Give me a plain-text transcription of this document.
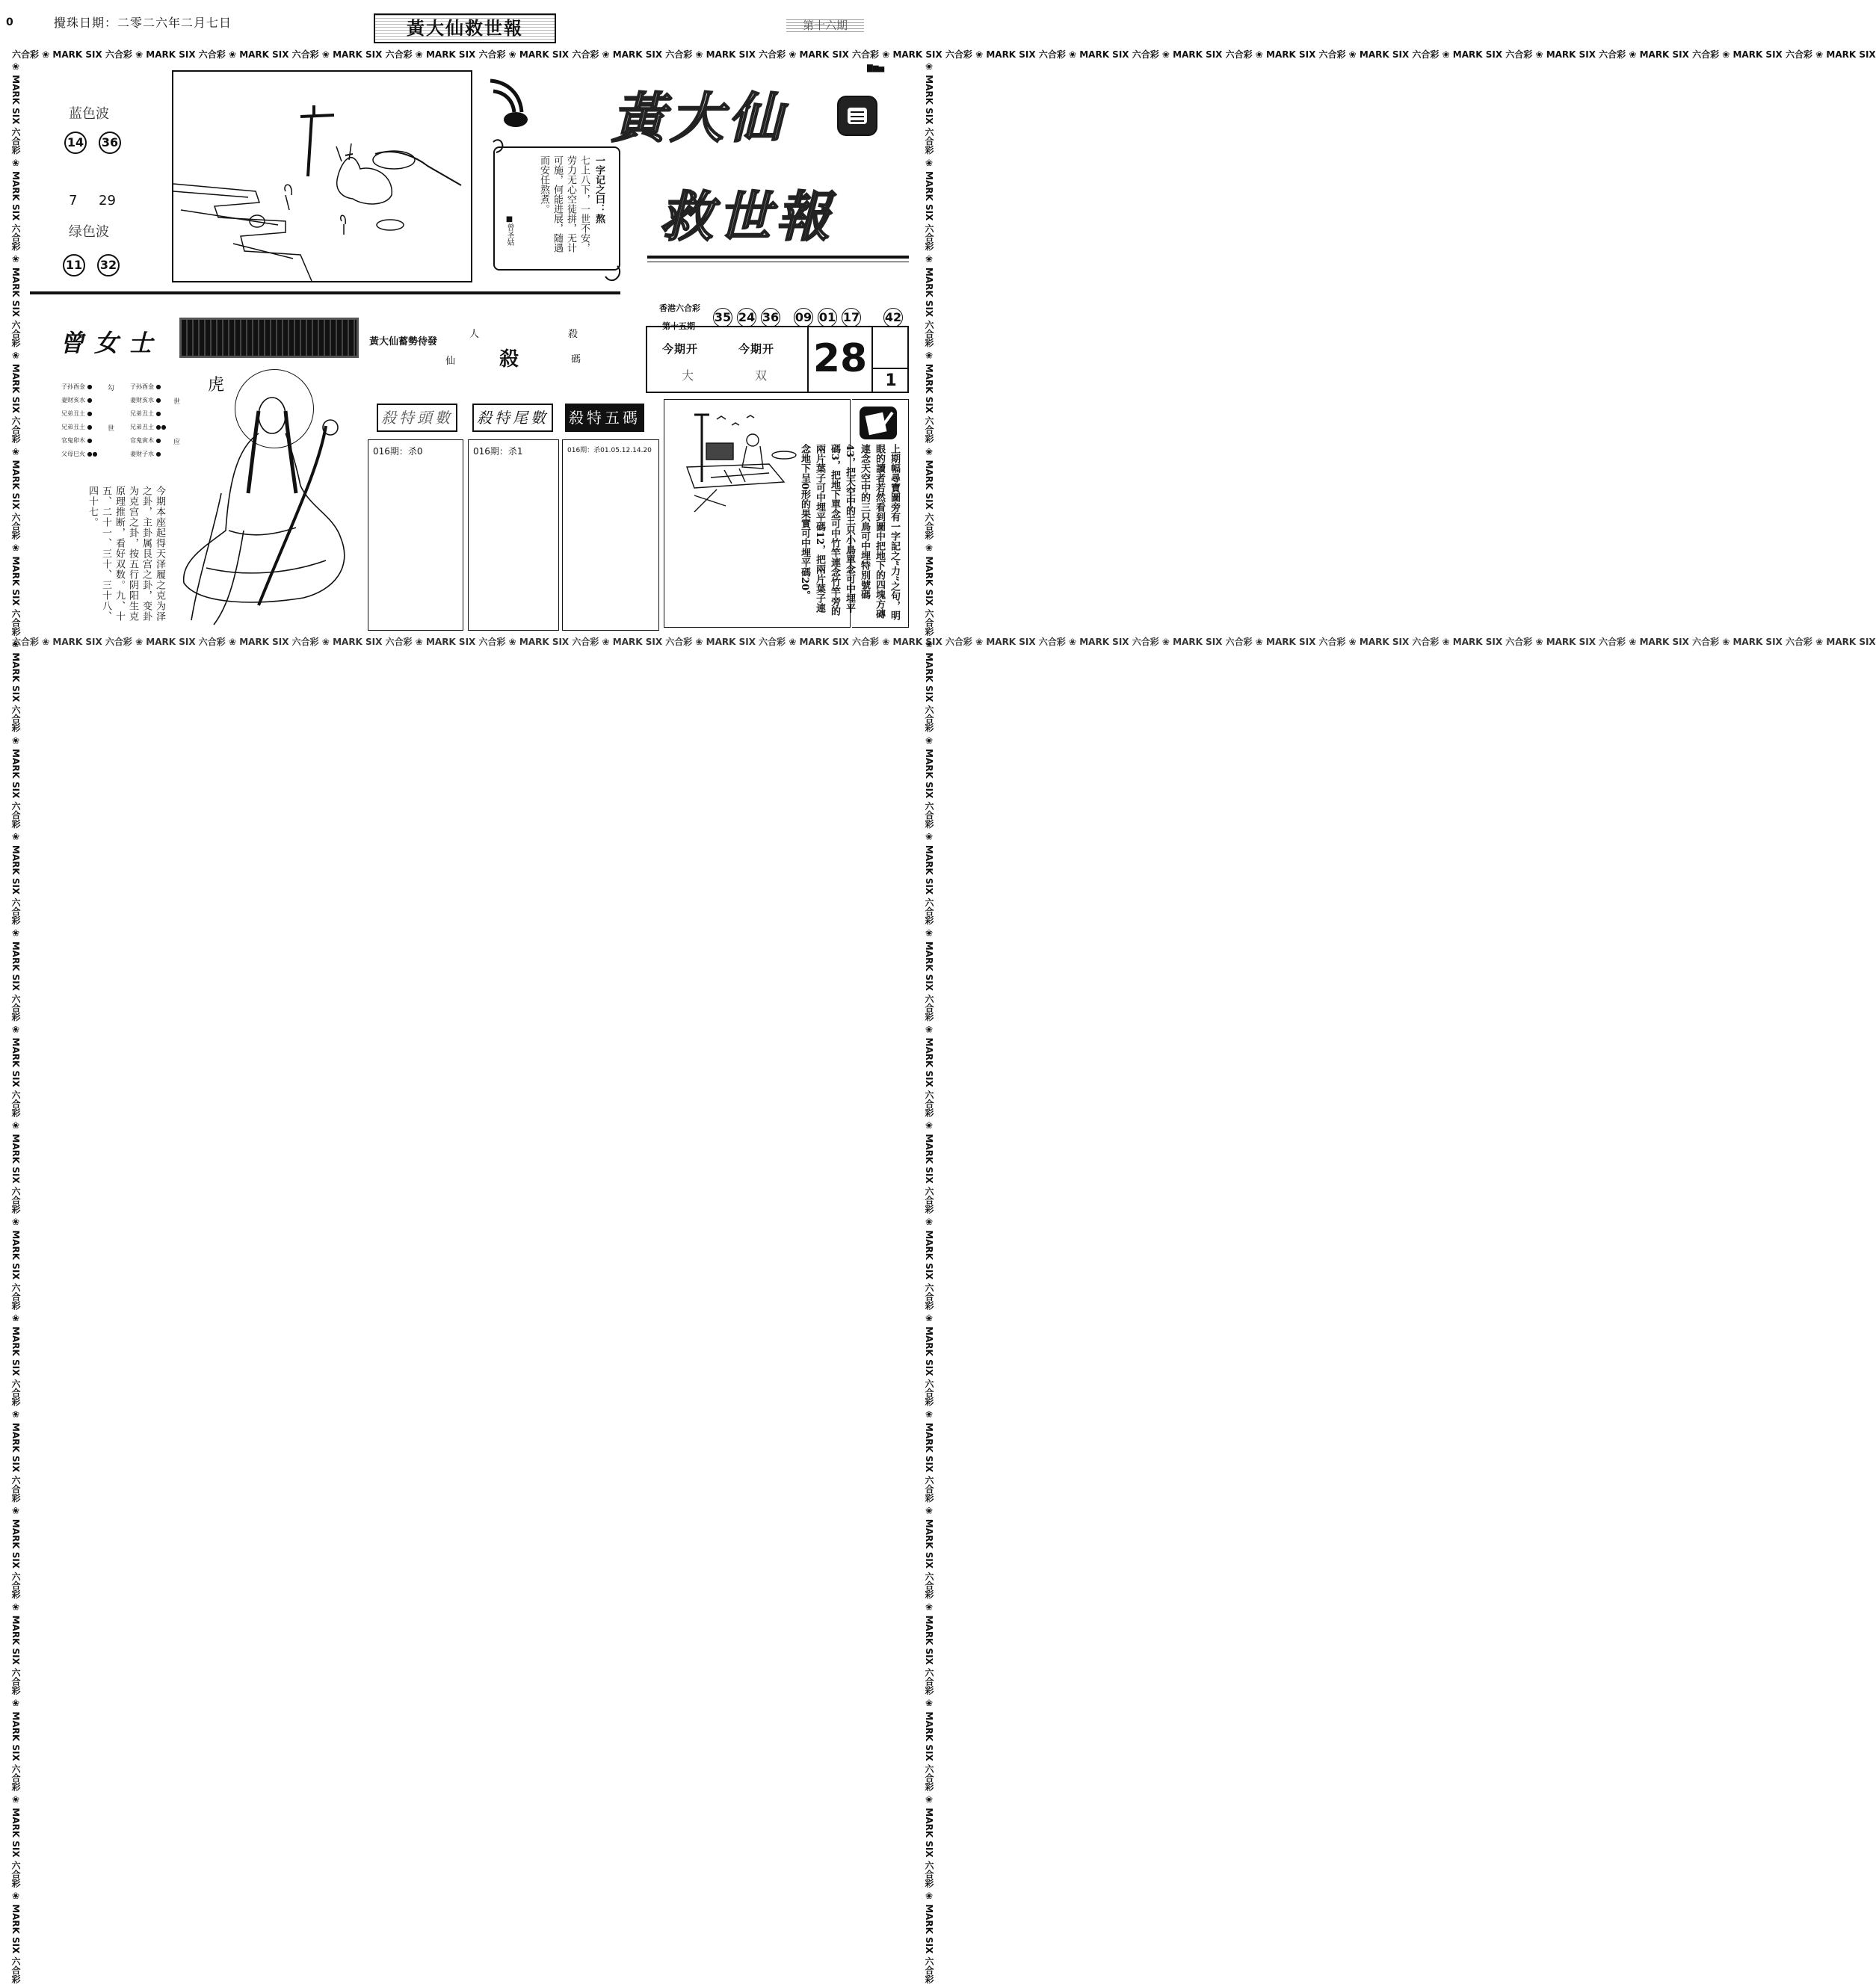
0	攪珠日期：二零二六年二月七日	黃大仙救世報	第十六期
六合彩 ❀ MARK SIX 六合彩 ❀ MARK SIX 六合彩 ❀ MARK SIX 六合彩 ❀ MARK SIX 六合彩 ❀ MARK SIX 六合彩 ❀ MARK SIX 六合彩 ❀ MARK SIX 六合彩 ❀ MARK SIX 六合彩 ❀ MARK SIX 六合彩 ❀ MARK SIX 六合彩 ❀ MARK SIX 六合彩 ❀ MARK SIX 六合彩 ❀ MARK SIX 六合彩 ❀ MARK SIX 六合彩 ❀ MARK SIX 六合彩 ❀ MARK SIX 六合彩 ❀ MARK SIX 六合彩 ❀ MARK SIX 六合彩 ❀ MARK SIX 六合彩 ❀ MARK SIX
六合彩 ❀ MARK SIX 六合彩 ❀ MARK SIX 六合彩 ❀ MARK SIX 六合彩 ❀ MARK SIX 六合彩 ❀ MARK SIX 六合彩 ❀ MARK SIX 六合彩 ❀ MARK SIX 六合彩 ❀ MARK SIX 六合彩 ❀ MARK SIX 六合彩 ❀ MARK SIX 六合彩 ❀ MARK SIX 六合彩 ❀ MARK SIX 六合彩 ❀ MARK SIX 六合彩 ❀ MARK SIX 六合彩 ❀ MARK SIX 六合彩 ❀ MARK SIX 六合彩 ❀ MARK SIX 六合彩 ❀ MARK SIX 六合彩 ❀ MARK SIX 六合彩 ❀ MARK SIX
❀ MARK SIX 六合彩 ❀ MARK SIX 六合彩 ❀ MARK SIX 六合彩 ❀ MARK SIX 六合彩 ❀ MARK SIX 六合彩 ❀ MARK SIX 六合彩 ❀ MARK SIX 六合彩 ❀ MARK SIX 六合彩 ❀ MARK SIX 六合彩 ❀ MARK SIX 六合彩 ❀ MARK SIX 六合彩 ❀ MARK SIX 六合彩 ❀ MARK SIX 六合彩 ❀ MARK SIX 六合彩 ❀ MARK SIX 六合彩 ❀ MARK SIX 六合彩 ❀ MARK SIX 六合彩 ❀ MARK SIX 六合彩 ❀ MARK SIX 六合彩 ❀ MARK SIX 六合彩	❀ MARK SIX 六合彩 ❀ MARK SIX 六合彩 ❀ MARK SIX 六合彩 ❀ MARK SIX 六合彩 ❀ MARK SIX 六合彩 ❀ MARK SIX 六合彩 ❀ MARK SIX 六合彩 ❀ MARK SIX 六合彩 ❀ MARK SIX 六合彩 ❀ MARK SIX 六合彩 ❀ MARK SIX 六合彩 ❀ MARK SIX 六合彩 ❀ MARK SIX 六合彩 ❀ MARK SIX 六合彩 ❀ MARK SIX 六合彩 ❀ MARK SIX 六合彩 ❀ MARK SIX 六合彩 ❀ MARK SIX 六合彩 ❀ MARK SIX 六合彩 ❀ MARK SIX 六合彩
蓝色波
14 36
7 29
绿色波
11 32
一字记之曰：熬
七上八下，一世不安，劳力无心空徒拼，无计可施，何能进展，随遇而安任熬煮。
■曾圣姑
▇▆▅
黃大仙
救世報
香港六合彩
第十五期
35 24 36 09 01 17 42
曾女士
虎
子孙酉金 ●
妻财亥水 ●
兄弟丑土 ●
兄弟丑土 ●
官鬼卯木 ●
父母巳火 ●●
勾
世
子孙酉金 ●
妻财亥水 ●
兄弟丑土 ●
兄弟丑土 ●●
官鬼寅木 ●
妻财子水 ●
世
应
今期本座起得天泽履之克为泽之卦，主卦属艮宫之卦，变卦为克宫之卦，按五行阴阳生克原理推断，看好双数。九、十五、二十一、三十、三十八、四十七。
黃大仙蓄勢待發
人	殺
仙	碼
殺
殺特頭數	殺特尾數	殺特五碼
016期：杀0	016期：杀1	016期：杀01.05.12.14.20
今期开	今期开
大	双 28	1
上期幅尋寶圖旁有一字記之“力”之句，明眼的讀者若然看到圖中把地下的四塊方磚連念天空中的三只鳥可中埋特別號碼43，把天空中的三只小鳥單念可中埋平碼3，把地下單念可中竹竿連念竹竿旁的兩片葉子可中埋平碼12，把兩片葉子連念地下呈0形的果實可中埋平碼20。
